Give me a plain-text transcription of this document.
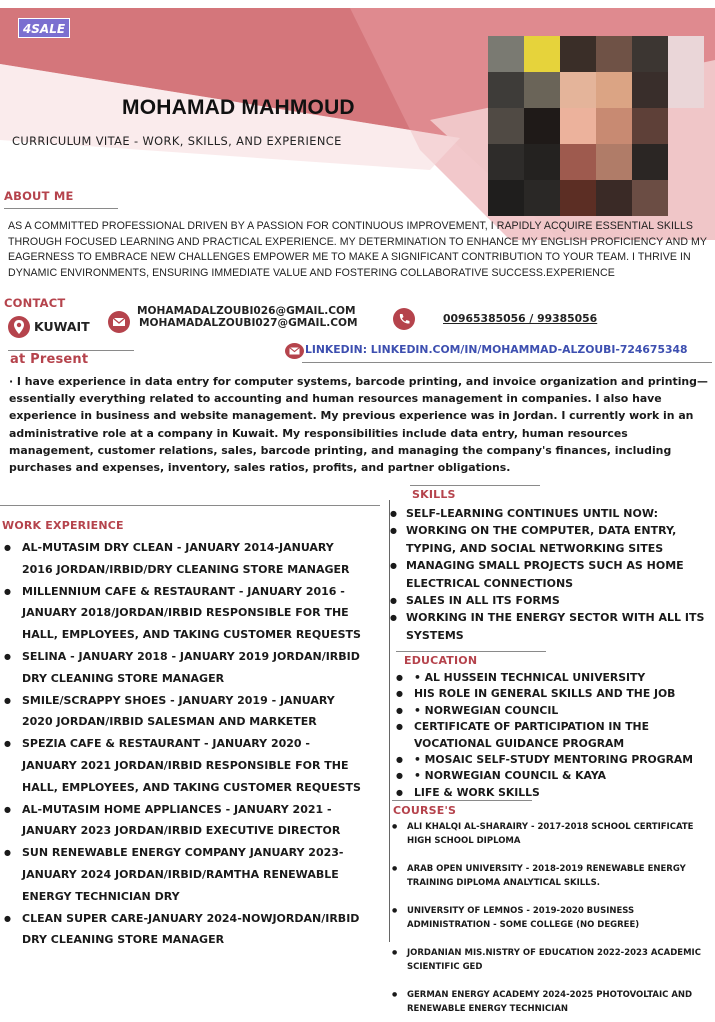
4SALE
MOHAMAD MAHMOUD
CURRICULUM VITAE - WORK, SKILLS, AND EXPERIENCE
ABOUT ME
AS A COMMITTED PROFESSIONAL DRIVEN BY A PASSION FOR CONTINUOUS IMPROVEMENT, I RAPIDLY ACQUIRE ESSENTIAL SKILLS THROUGH FOCUSED LEARNING AND PRACTICAL EXPERIENCE. MY DETERMINATION TO ENHANCE MY ENGLISH PROFICIENCY AND MY EAGERNESS TO EMBRACE NEW CHALLENGES EMPOWER ME TO MAKE A SIGNIFICANT CONTRIBUTION TO YOUR TEAM. I THRIVE IN DYNAMIC ENVIRONMENTS, ENSURING IMMEDIATE VALUE AND FOSTERING COLLABORATIVE SUCCESS.EXPERIENCE
CONTACT
KUWAIT
MOHAMADALZOUBI026@GMAIL.COM
MOHAMADALZOUBI027@GMAIL.COM	00965385056 / 99385056
LINKEDIN: LINKEDIN.COM/IN/MOHAMMAD-ALZOUBI-724675348
at Present
· I have experience in data entry for computer systems, barcode printing, and invoice organization and printing—essentially everything related to accounting and human resources management in companies. I also have experience in business and website management. My previous experience was in Jordan. I currently work in an administrative role at a company in Kuwait. My responsibilities include data entry, human resources management, customer relations, sales, barcode printing, and managing the company's finances, including purchases and expenses, inventory, sales ratios, profits, and partner obligations.
WORK EXPERIENCE
● AL-MUTASIM DRY CLEAN - JANUARY 2014-JANUARY 2016 JORDAN/IRBID/DRY CLEANING STORE MANAGER
● MILLENNIUM CAFE & RESTAURANT - JANUARY 2016 - JANUARY 2018/JORDAN/IRBID RESPONSIBLE FOR THE HALL, EMPLOYEES, AND TAKING CUSTOMER REQUESTS
● SELINA - JANUARY 2018 - JANUARY 2019 JORDAN/IRBID DRY CLEANING STORE MANAGER
● SMILE/SCRAPPY SHOES - JANUARY 2019 - JANUARY 2020 JORDAN/IRBID SALESMAN AND MARKETER
● SPEZIA CAFE & RESTAURANT - JANUARY 2020 - JANUARY 2021 JORDAN/IRBID RESPONSIBLE FOR THE HALL, EMPLOYEES, AND TAKING CUSTOMER REQUESTS
● AL-MUTASIM HOME APPLIANCES - JANUARY 2021 - JANUARY 2023 JORDAN/IRBID EXECUTIVE DIRECTOR
● SUN RENEWABLE ENERGY COMPANY JANUARY 2023- JANUARY 2024 JORDAN/IRBID/RAMTHA RENEWABLE ENERGY TECHNICIAN DRY
● CLEAN SUPER CARE-JANUARY 2024-NOWJORDAN/IRBID DRY CLEANING STORE MANAGER
SKILLS
● SELF-LEARNING CONTINUES UNTIL NOW:
● WORKING ON THE COMPUTER, DATA ENTRY, TYPING, AND SOCIAL NETWORKING SITES
● MANAGING SMALL PROJECTS SUCH AS HOME ELECTRICAL CONNECTIONS
● SALES IN ALL ITS FORMS
● WORKING IN THE ENERGY SECTOR WITH ALL ITS SYSTEMS
EDUCATION
● • AL HUSSEIN TECHNICAL UNIVERSITY
● HIS ROLE IN GENERAL SKILLS AND THE JOB
● • NORWEGIAN COUNCIL
● CERTIFICATE OF PARTICIPATION IN THE VOCATIONAL GUIDANCE PROGRAM
● • MOSAIC SELF-STUDY MENTORING PROGRAM
● • NORWEGIAN COUNCIL & KAYA
● LIFE & WORK SKILLS
COURSE'S
●	ALI KHALQI AL-SHARAIRY - 2017-2018 SCHOOL CERTIFICATE HIGH SCHOOL DIPLOMA
●	ARAB OPEN UNIVERSITY - 2018-2019 RENEWABLE ENERGY TRAINING DIPLOMA ANALYTICAL SKILLS.
●	UNIVERSITY OF LEMNOS - 2019-2020 BUSINESS ADMINISTRATION - SOME COLLEGE (NO DEGREE)
●	JORDANIAN MIS.NISTRY OF EDUCATION 2022-2023 ACADEMIC SCIENTIFIC GED
●	GERMAN ENERGY ACADEMY 2024-2025 PHOTOVOLTAIC AND RENEWABLE ENERGY TECHNICIAN
